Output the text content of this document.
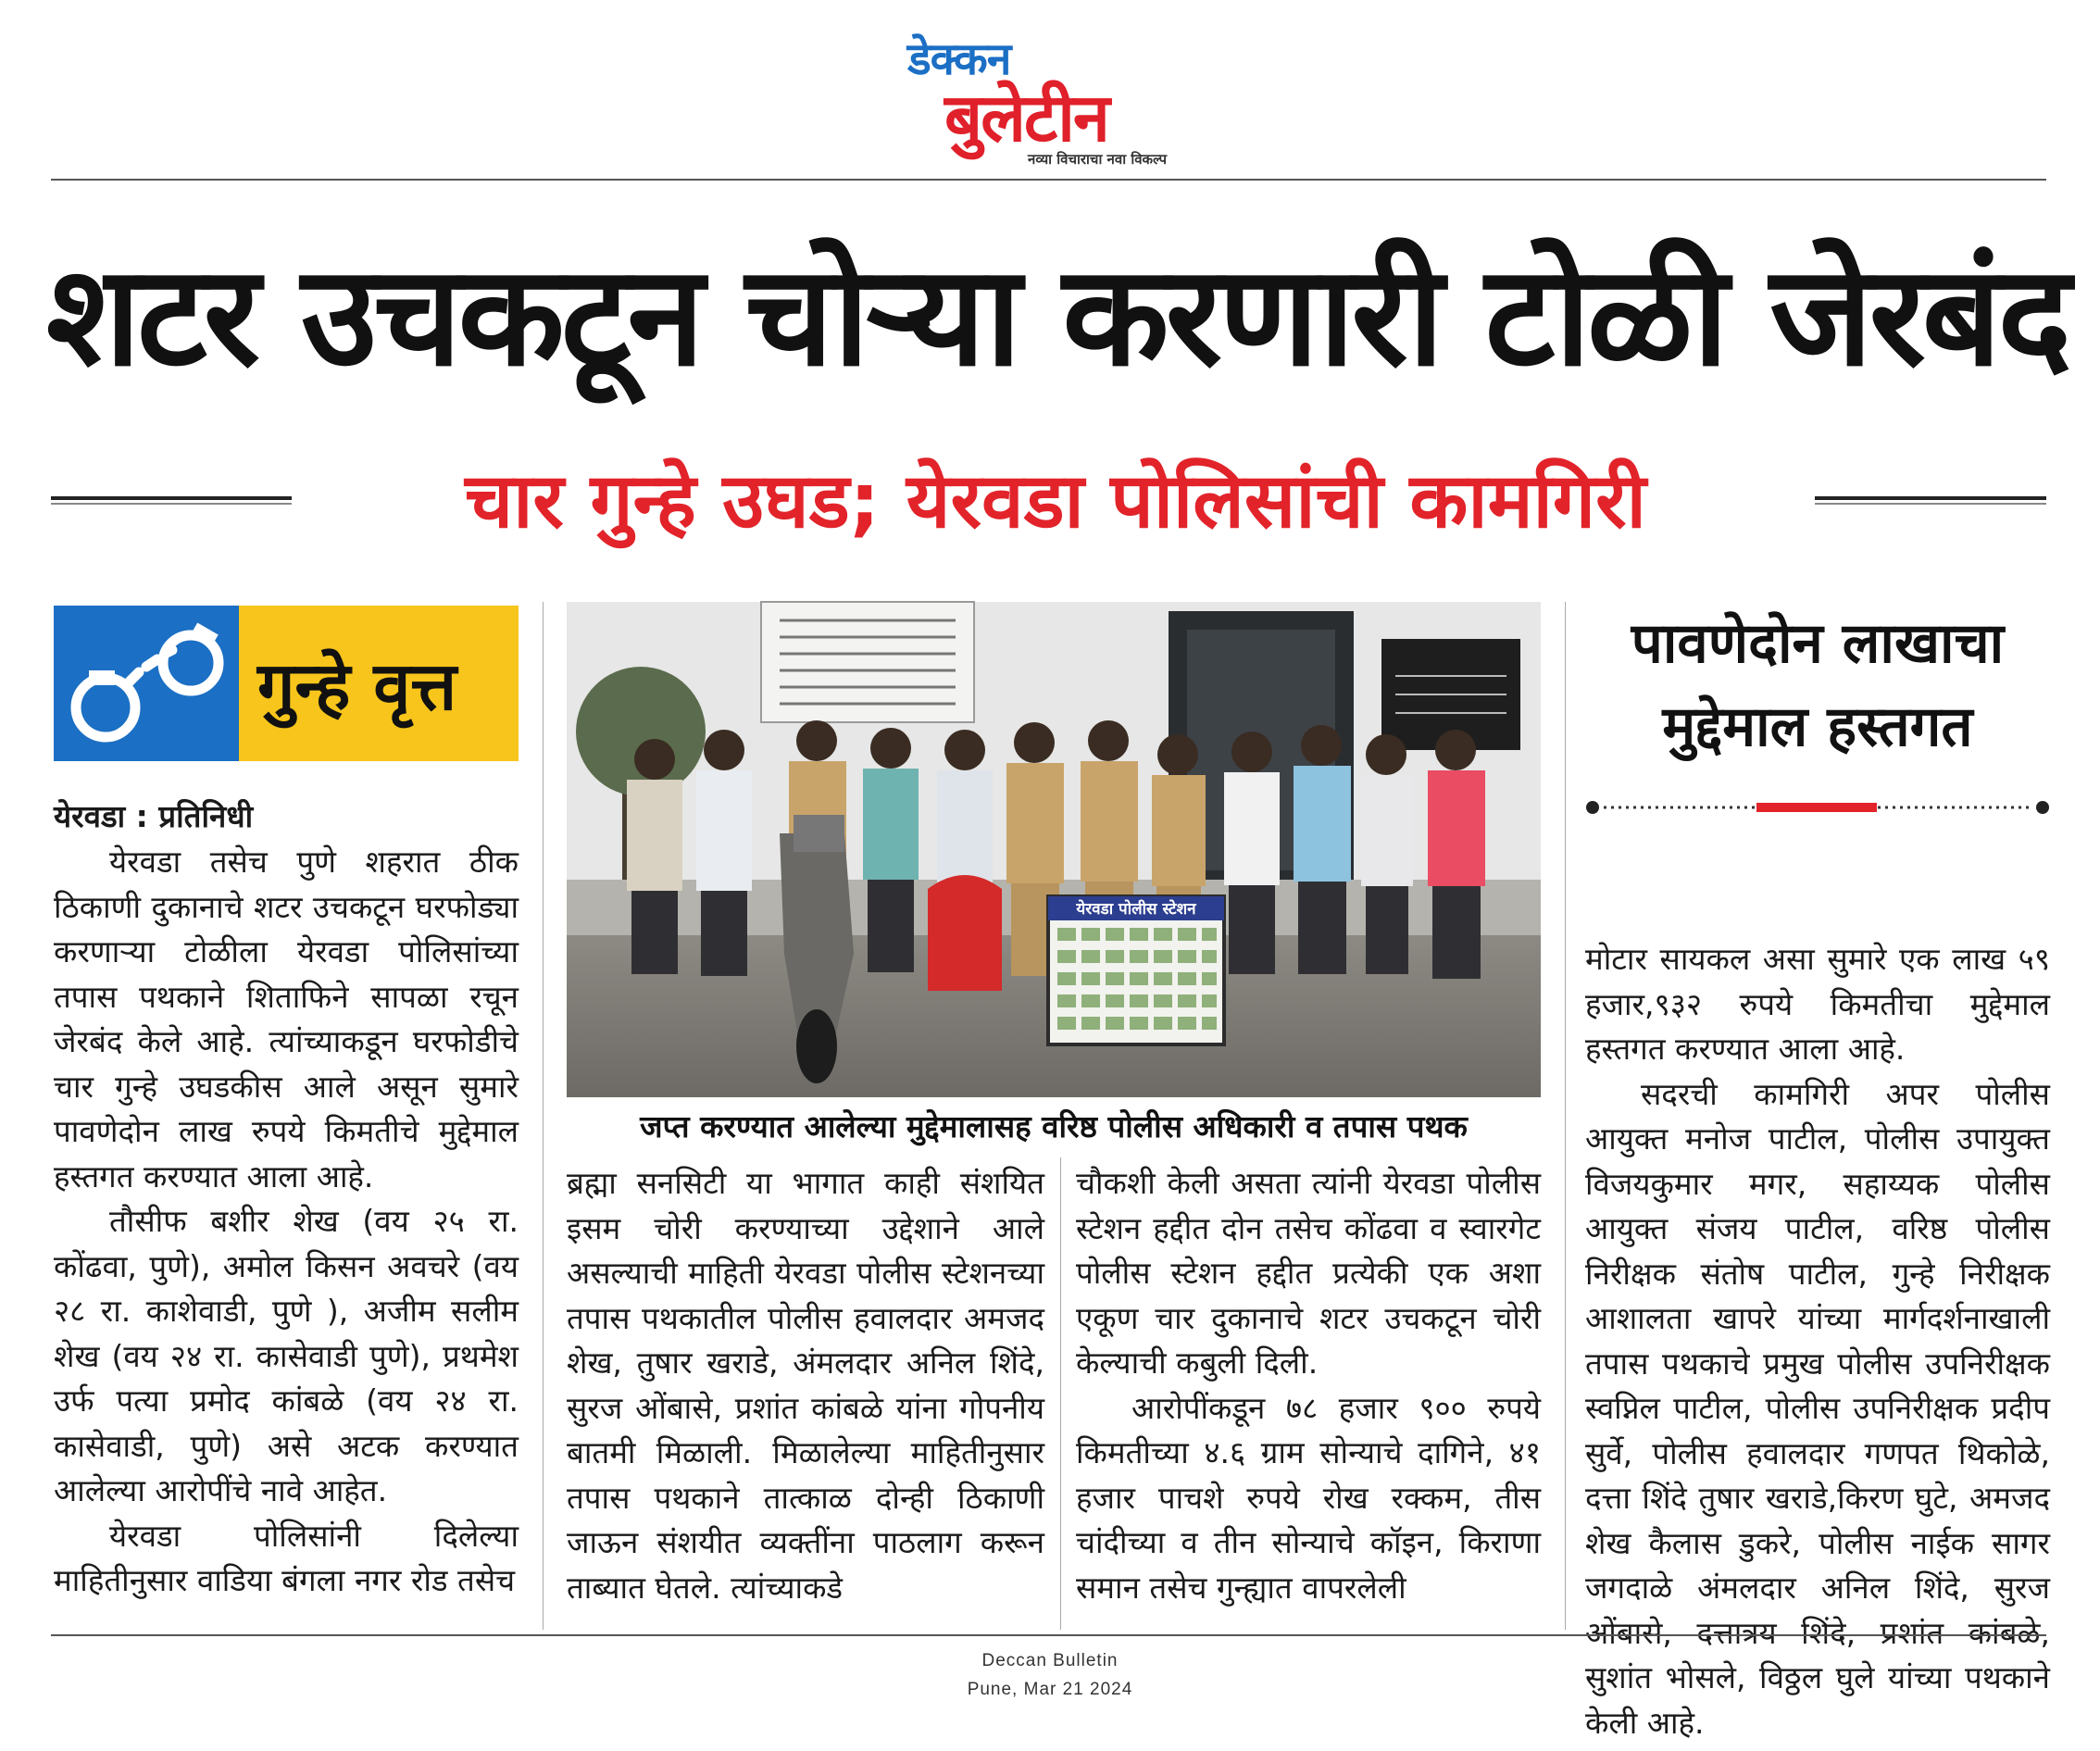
डेक्कन
बुलेटीन
नव्या विचाराचा नवा विकल्प
शटर उचकटून चोऱ्या करणारी टोळी जेरबंद
चार गुन्हे उघड; येरवडा पोलिसांची कामगिरी
गुन्हे वृत्त
येरवडा : प्रतिनिधी

येरवडा तसेच पुणे शहरात ठीक ठिकाणी दुकानाचे शटर उचकटून घरफोड्या करणाऱ्या टोळीला येरवडा पोलिसांच्या तपास पथकाने शिताफिने सापळा रचून जेरबंद केले आहे. त्यांच्याकडून घरफोडीचे चार गुन्हे उघडकीस आले असून सुमारे पावणेदोन लाख रुपये किमतीचे मुद्देमाल हस्तगत करण्यात आला आहे.

तौसीफ बशीर शेख (वय २५ रा. कोंढवा, पुणे), अमोल किसन अवचरे (वय २८ रा. काशेवाडी, पुणे ), अजीम सलीम शेख (वय २४ रा. कासेवाडी पुणे), प्रथमेश उर्फ पत्या प्रमोद कांबळे (वय २४ रा. कासेवाडी, पुणे) असे अटक करण्यात आलेल्या आरोपींचे नावे आहेत.

येरवडा पोलिसांनी दिलेल्या माहितीनुसार वाडिया बंगला नगर रोड तसेच

येरवडा पोलीस स्टेशन
जप्त करण्यात आलेल्या मुद्देमालासह वरिष्ठ पोलीस अधिकारी व तपास पथक

ब्रह्मा सनसिटी या भागात काही संशयित इसम चोरी करण्याच्या उद्देशाने आले असल्याची माहिती येरवडा पोलीस स्टेशनच्या तपास पथकातील पोलीस हवालदार अमजद शेख, तुषार खराडे, अंमलदार अनिल शिंदे, सुरज ओंबासे, प्रशांत कांबळे यांना गोपनीय बातमी मिळाली. मिळालेल्या माहितीनुसार तपास पथकाने तात्काळ दोन्ही ठिकाणी जाऊन संशयीत व्यक्तींना पाठलाग करून ताब्यात घेतले. त्यांच्याकडे

चौकशी केली असता त्यांनी येरवडा पोलीस स्टेशन हद्दीत दोन तसेच कोंढवा व स्वारगेट पोलीस स्टेशन हद्दीत प्रत्येकी एक अशा एकूण चार दुकानाचे शटर उचकटून चोरी केल्याची कबुली दिली.

आरोपींकडून ७८ हजार ९०० रुपये किमतीच्या ४.६ ग्राम सोन्याचे दागिने, ४१ हजार पाचशे रुपये रोख रक्कम, तीस चांदीच्या व तीन सोन्याचे कॉइन, किराणा समान तसेच गुन्ह्यात वापरलेली

पावणेदोन लाखाचा
मुद्देमाल हस्तगत

मोटार सायकल असा सुमारे एक लाख ५९ हजार,९३२ रुपये किमतीचा मुद्देमाल हस्तगत करण्यात आला आहे.

सदरची कामगिरी अपर पोलीस आयुक्त मनोज पाटील, पोलीस उपायुक्त विजयकुमार मगर, सहाय्यक पोलीस आयुक्त संजय पाटील, वरिष्ठ पोलीस निरीक्षक संतोष पाटील, गुन्हे निरीक्षक आशालता खापरे यांच्या मार्गदर्शनाखाली तपास पथकाचे प्रमुख पोलीस उपनिरीक्षक स्वप्निल पाटील, पोलीस उपनिरीक्षक प्रदीप सुर्वे, पोलीस हवालदार गणपत थिकोळे, दत्ता शिंदे तुषार खराडे,किरण घुटे, अमजद शेख कैलास डुकरे, पोलीस नाईक सागर जगदाळे अंमलदार अनिल शिंदे, सुरज ओंबासे, दत्तात्रय शिंदे, प्रशांत कांबळे, सुशांत भोसले, विठ्ठल घुले यांच्या पथकाने केली आहे.

Deccan Bulletin
Pune, Mar 21 2024
